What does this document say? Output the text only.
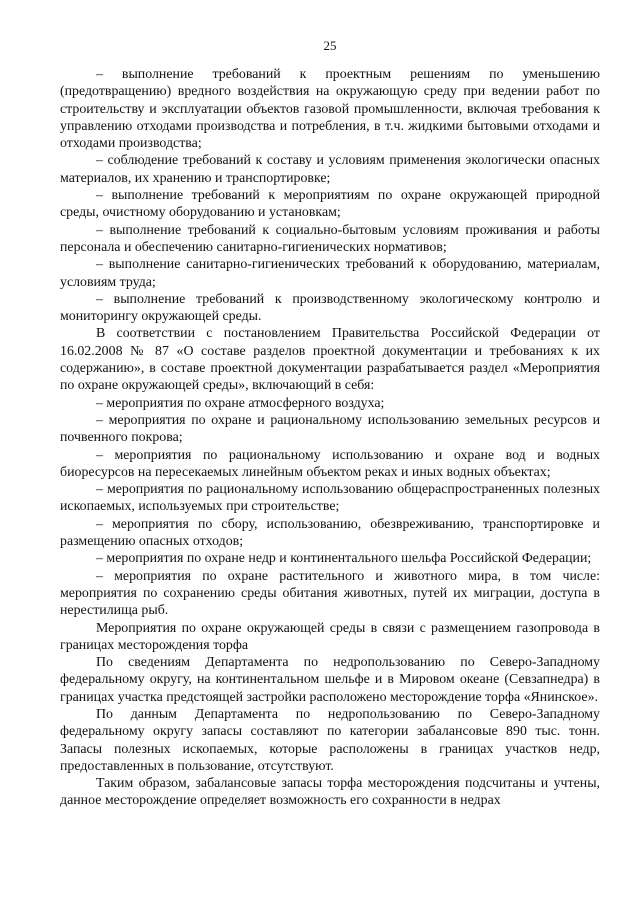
25

– выполнение требований к проектным решениям по уменьшению (предотвращению) вредного воздействия на окружающую среду при ведении работ по строительству и эксплуатации объектов газовой промышленности, включая требования к управлению отходами производства и потребления, в т.ч. жидкими бытовыми отходами и отходами производства;

– соблюдение требований к составу и условиям применения экологически опасных материалов, их хранению и транспортировке;

– выполнение требований к мероприятиям по охране окружающей природной среды, очистному оборудованию и установкам;

– выполнение требований к социально-бытовым условиям проживания и работы персонала и обеспечению санитарно-гигиенических нормативов;

– выполнение санитарно-гигиенических требований к оборудованию, материалам, условиям труда;

– выполнение требований к производственному экологическому контролю и мониторингу окружающей среды.

В соответствии с постановлением Правительства Российской Федерации от 16.02.2008 № 87 «О составе разделов проектной документации и требованиях к их содержанию», в составе проектной документации разрабатывается раздел «Мероприятия по охране окружающей среды», включающий в себя:

– мероприятия по охране атмосферного воздуха;

– мероприятия по охране и рациональному использованию земельных ресурсов и почвенного покрова;

– мероприятия по рациональному использованию и охране вод и водных биоресурсов на пересекаемых линейным объектом реках и иных водных объектах;

– мероприятия по рациональному использованию общераспространенных полезных ископаемых, используемых при строительстве;

– мероприятия по сбору, использованию, обезвреживанию, транспортировке и размещению опасных отходов;

– мероприятия по охране недр и континентального шельфа Российской Федерации;

– мероприятия по охране растительного и животного мира, в том числе: мероприятия по сохранению среды обитания животных, путей их миграции, доступа в нерестилища рыб.

Мероприятия по охране окружающей среды в связи с размещением газопровода в границах месторождения торфа

По сведениям Департамента по недропользованию по Северо-Западному федеральному округу, на континентальном шельфе и в Мировом океане (Севзапнедра) в границах участка предстоящей застройки расположено месторождение торфа «Янинское».

По данным Департамента по недропользованию по Северо-Западному федеральному округу запасы составляют по категории забалансовые 890 тыс. тонн. Запасы полезных ископаемых, которые расположены в границах участков недр, предоставленных в пользование, отсутствуют.

Таким образом, забалансовые запасы торфа месторождения подсчитаны и учтены, данное месторождение определяет возможность его сохранности в недрах
